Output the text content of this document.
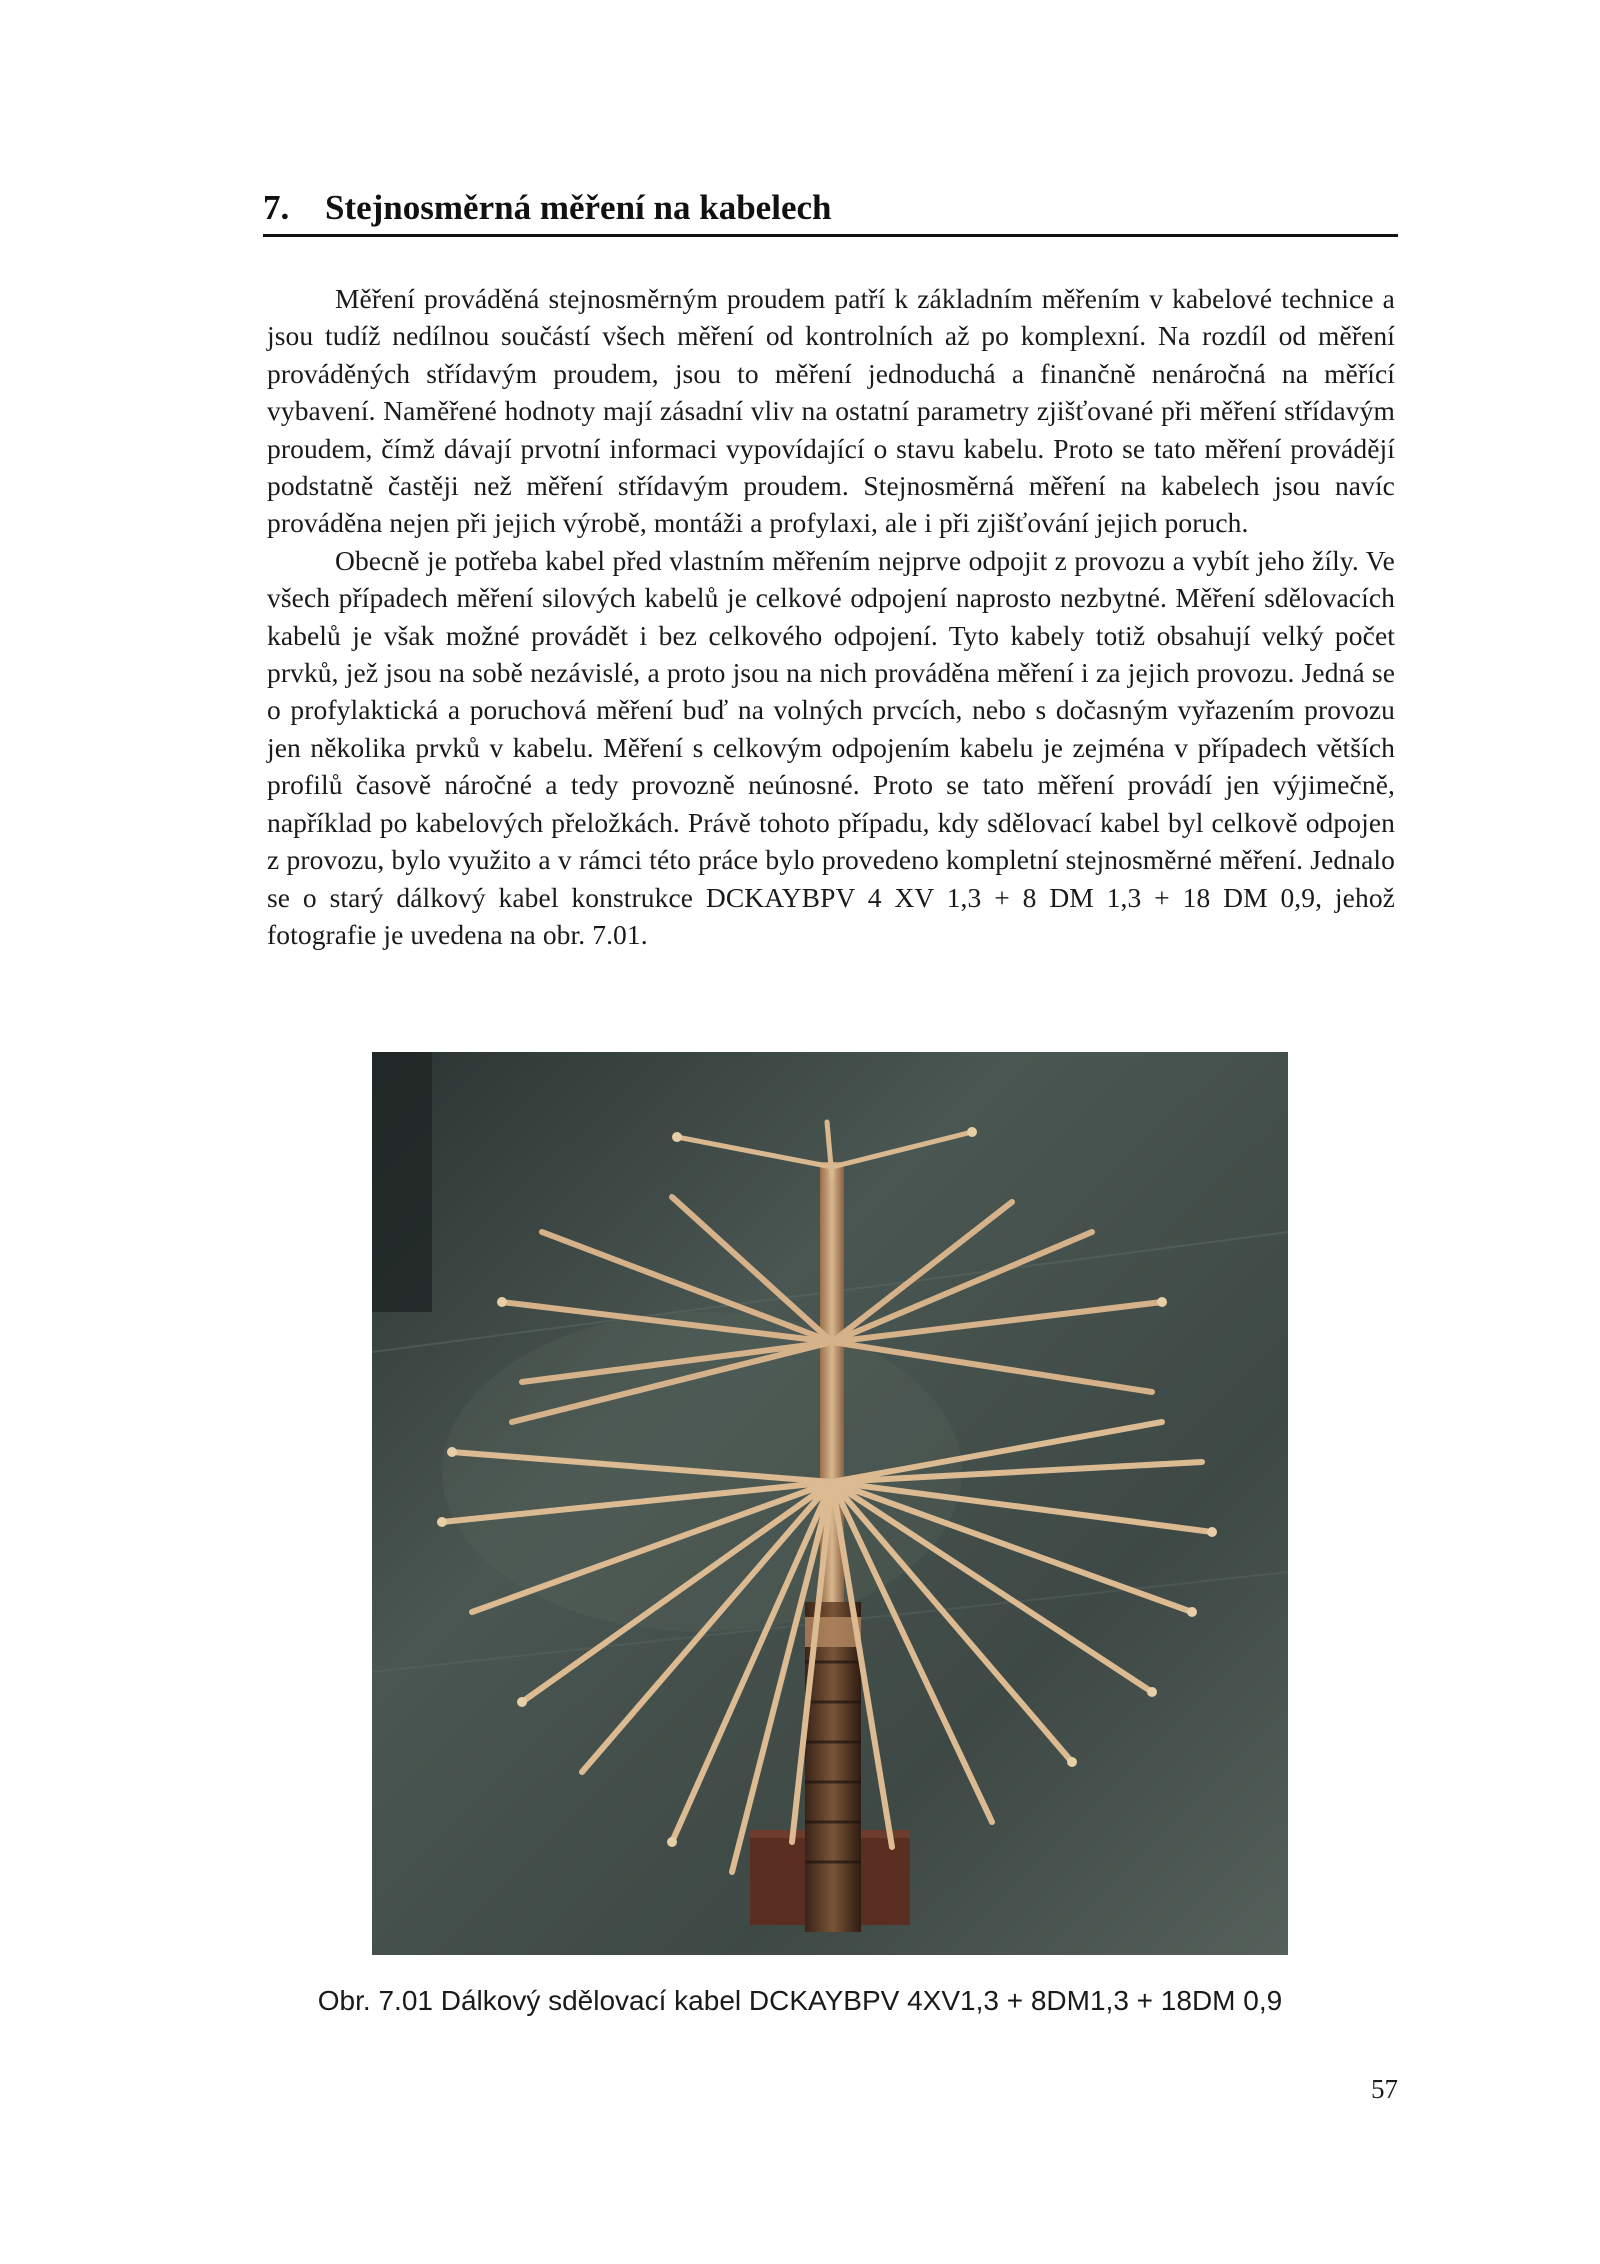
7. Stejnosměrná měření na kabelech

Měření prováděná stejnosměrným proudem patří k základním měřením v kabelové technice a jsou tudíž nedílnou součástí všech měření od kontrolních až po komplexní. Na rozdíl od měření prováděných střídavým proudem, jsou to měření jednoduchá a finančně nenáročná na měřící vybavení. Naměřené hodnoty mají zásadní vliv na ostatní parametry zjišťované při měření střídavým proudem, čímž dávají prvotní informaci vypovídající o stavu kabelu. Proto se tato měření provádějí podstatně častěji než měření střídavým proudem. Stejnosměrná měření na kabelech jsou navíc prováděna nejen při jejich výrobě, montáži a profylaxi, ale i při zjišťování jejich poruch.

Obecně je potřeba kabel před vlastním měřením nejprve odpojit z provozu a vybít jeho žíly. Ve všech případech měření silových kabelů je celkové odpojení naprosto nezbytné. Měření sdělovacích kabelů je však možné provádět i bez celkového odpojení. Tyto kabely totiž obsahují velký počet prvků, jež jsou na sobě nezávislé, a proto jsou na nich prováděna měření i za jejich provozu. Jedná se o profylaktická a poruchová měření buď na volných prvcích, nebo s dočasným vyřazením provozu jen několika prvků v kabelu. Měření s celkovým odpojením kabelu je zejména v případech větších profilů časově náročné a tedy provozně neúnosné. Proto se tato měření provádí jen výjimečně, například po kabelových přeložkách. Právě tohoto případu, kdy sdělovací kabel byl celkově odpojen z provozu, bylo využito a v rámci této práce bylo provedeno kompletní stejnosměrné měření. Jednalo se o starý dálkový kabel konstrukce DCKAYBPV 4 XV 1,3 + 8 DM 1,3 + 18 DM 0,9, jehož fotografie je uvedena na obr. 7.01.

Obr. 7.01 Dálkový sdělovací kabel DCKAYBPV 4XV1,3 + 8DM1,3 + 18DM 0,9
57
